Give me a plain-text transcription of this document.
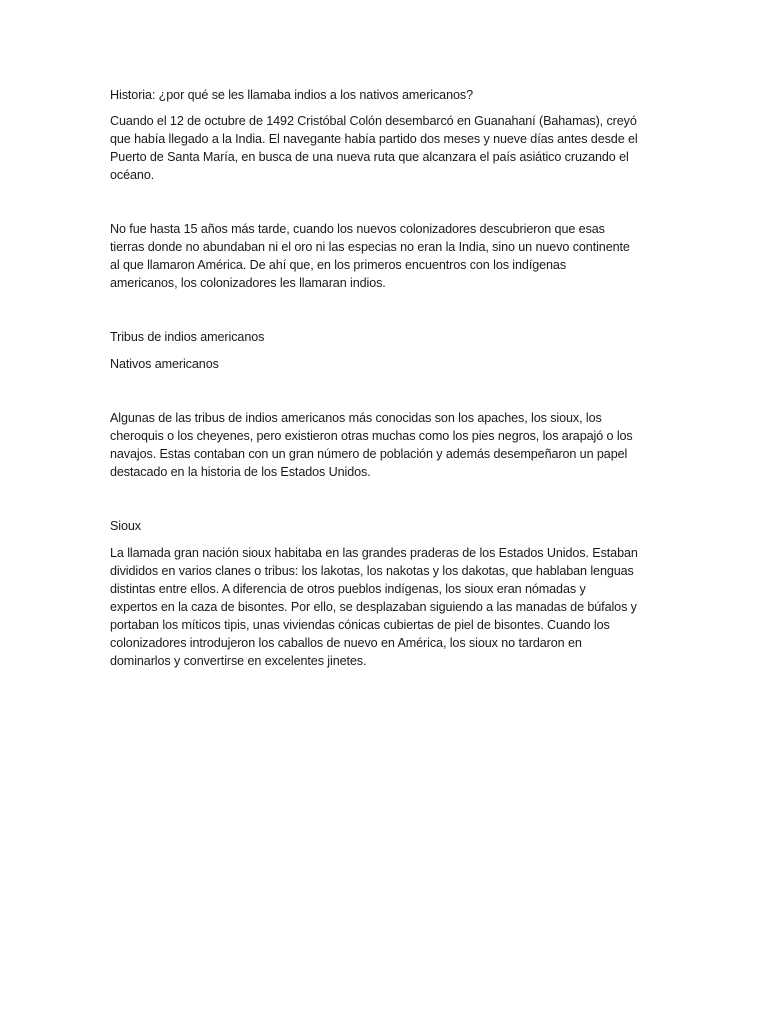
Historia: ¿por qué se les llamaba indios a los nativos americanos?

Cuando el 12 de octubre de 1492 Cristóbal Colón desembarcó en Guanahaní (Bahamas), creyó
que había llegado a la India. El navegante había partido dos meses y nueve días antes desde el
Puerto de Santa María, en busca de una nueva ruta que alcanzara el país asiático cruzando el
océano.

No fue hasta 15 años más tarde, cuando los nuevos colonizadores descubrieron que esas
tierras donde no abundaban ni el oro ni las especias no eran la India, sino un nuevo continente
al que llamaron América. De ahí que, en los primeros encuentros con los indígenas
americanos, los colonizadores les llamaran indios.

Tribus de indios americanos

Nativos americanos

Algunas de las tribus de indios americanos más conocidas son los apaches, los sioux, los
cheroquis o los cheyenes, pero existieron otras muchas como los pies negros, los arapajó o los
navajos. Estas contaban con un gran número de población y además desempeñaron un papel
destacado en la historia de los Estados Unidos.

Sioux

La llamada gran nación sioux habitaba en las grandes praderas de los Estados Unidos. Estaban
divididos en varios clanes o tribus: los lakotas, los nakotas y los dakotas, que hablaban lenguas
distintas entre ellos. A diferencia de otros pueblos indígenas, los sioux eran nómadas y
expertos en la caza de bisontes. Por ello, se desplazaban siguiendo a las manadas de búfalos y
portaban los míticos tipis, unas viviendas cónicas cubiertas de piel de bisontes. Cuando los
colonizadores introdujeron los caballos de nuevo en América, los sioux no tardaron en
dominarlos y convertirse en excelentes jinetes.
